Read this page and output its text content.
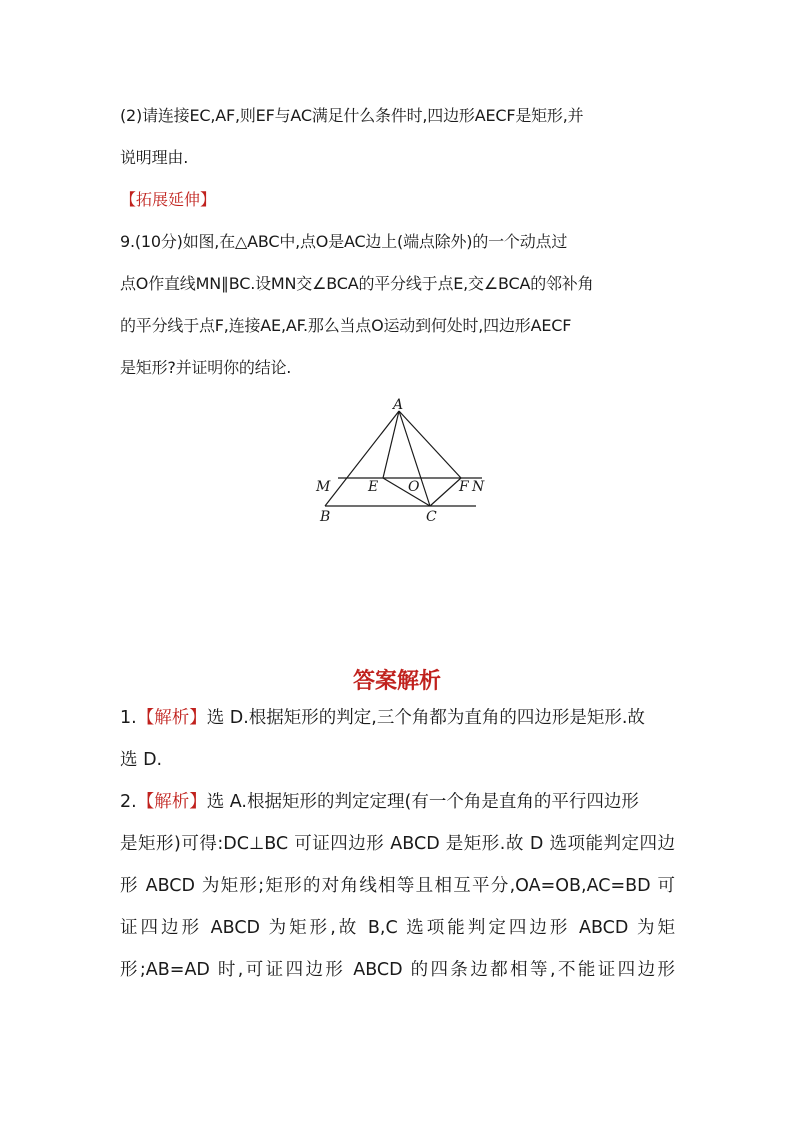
(2)请连接EC,AF,则EF与AC满足什么条件时,四边形AECF是矩形,并
说明理由.
【拓展延伸】
9.(10分)如图,在△ABC中,点O是AC边上(端点除外)的一个动点过
点O作直线MN∥BC.设MN交∠BCA的平分线于点E,交∠BCA的邻补角
的平分线于点F,连接AE,AF.那么当点O运动到何处时,四边形AECF
是矩形?并证明你的结论.
A
M	E O	F N
B	C
答案解析
1.【解析】选 D.根据矩形的判定,三个角都为直角的四边形是矩形.故
选 D.
2.【解析】选 A.根据矩形的判定定理(有一个角是直角的平行四边形
是矩形)可得:DC⊥BC 可证四边形 ABCD 是矩形.故 D 选项能判定四边
形 ABCD 为矩形;矩形的对角线相等且相互平分,OA=OB,AC=BD 可
证四边形 ABCD 为矩形,故 B,C 选项能判定四边形 ABCD 为矩
形;AB=AD 时,可证四边形 ABCD 的四条边都相等,不能证四边形
